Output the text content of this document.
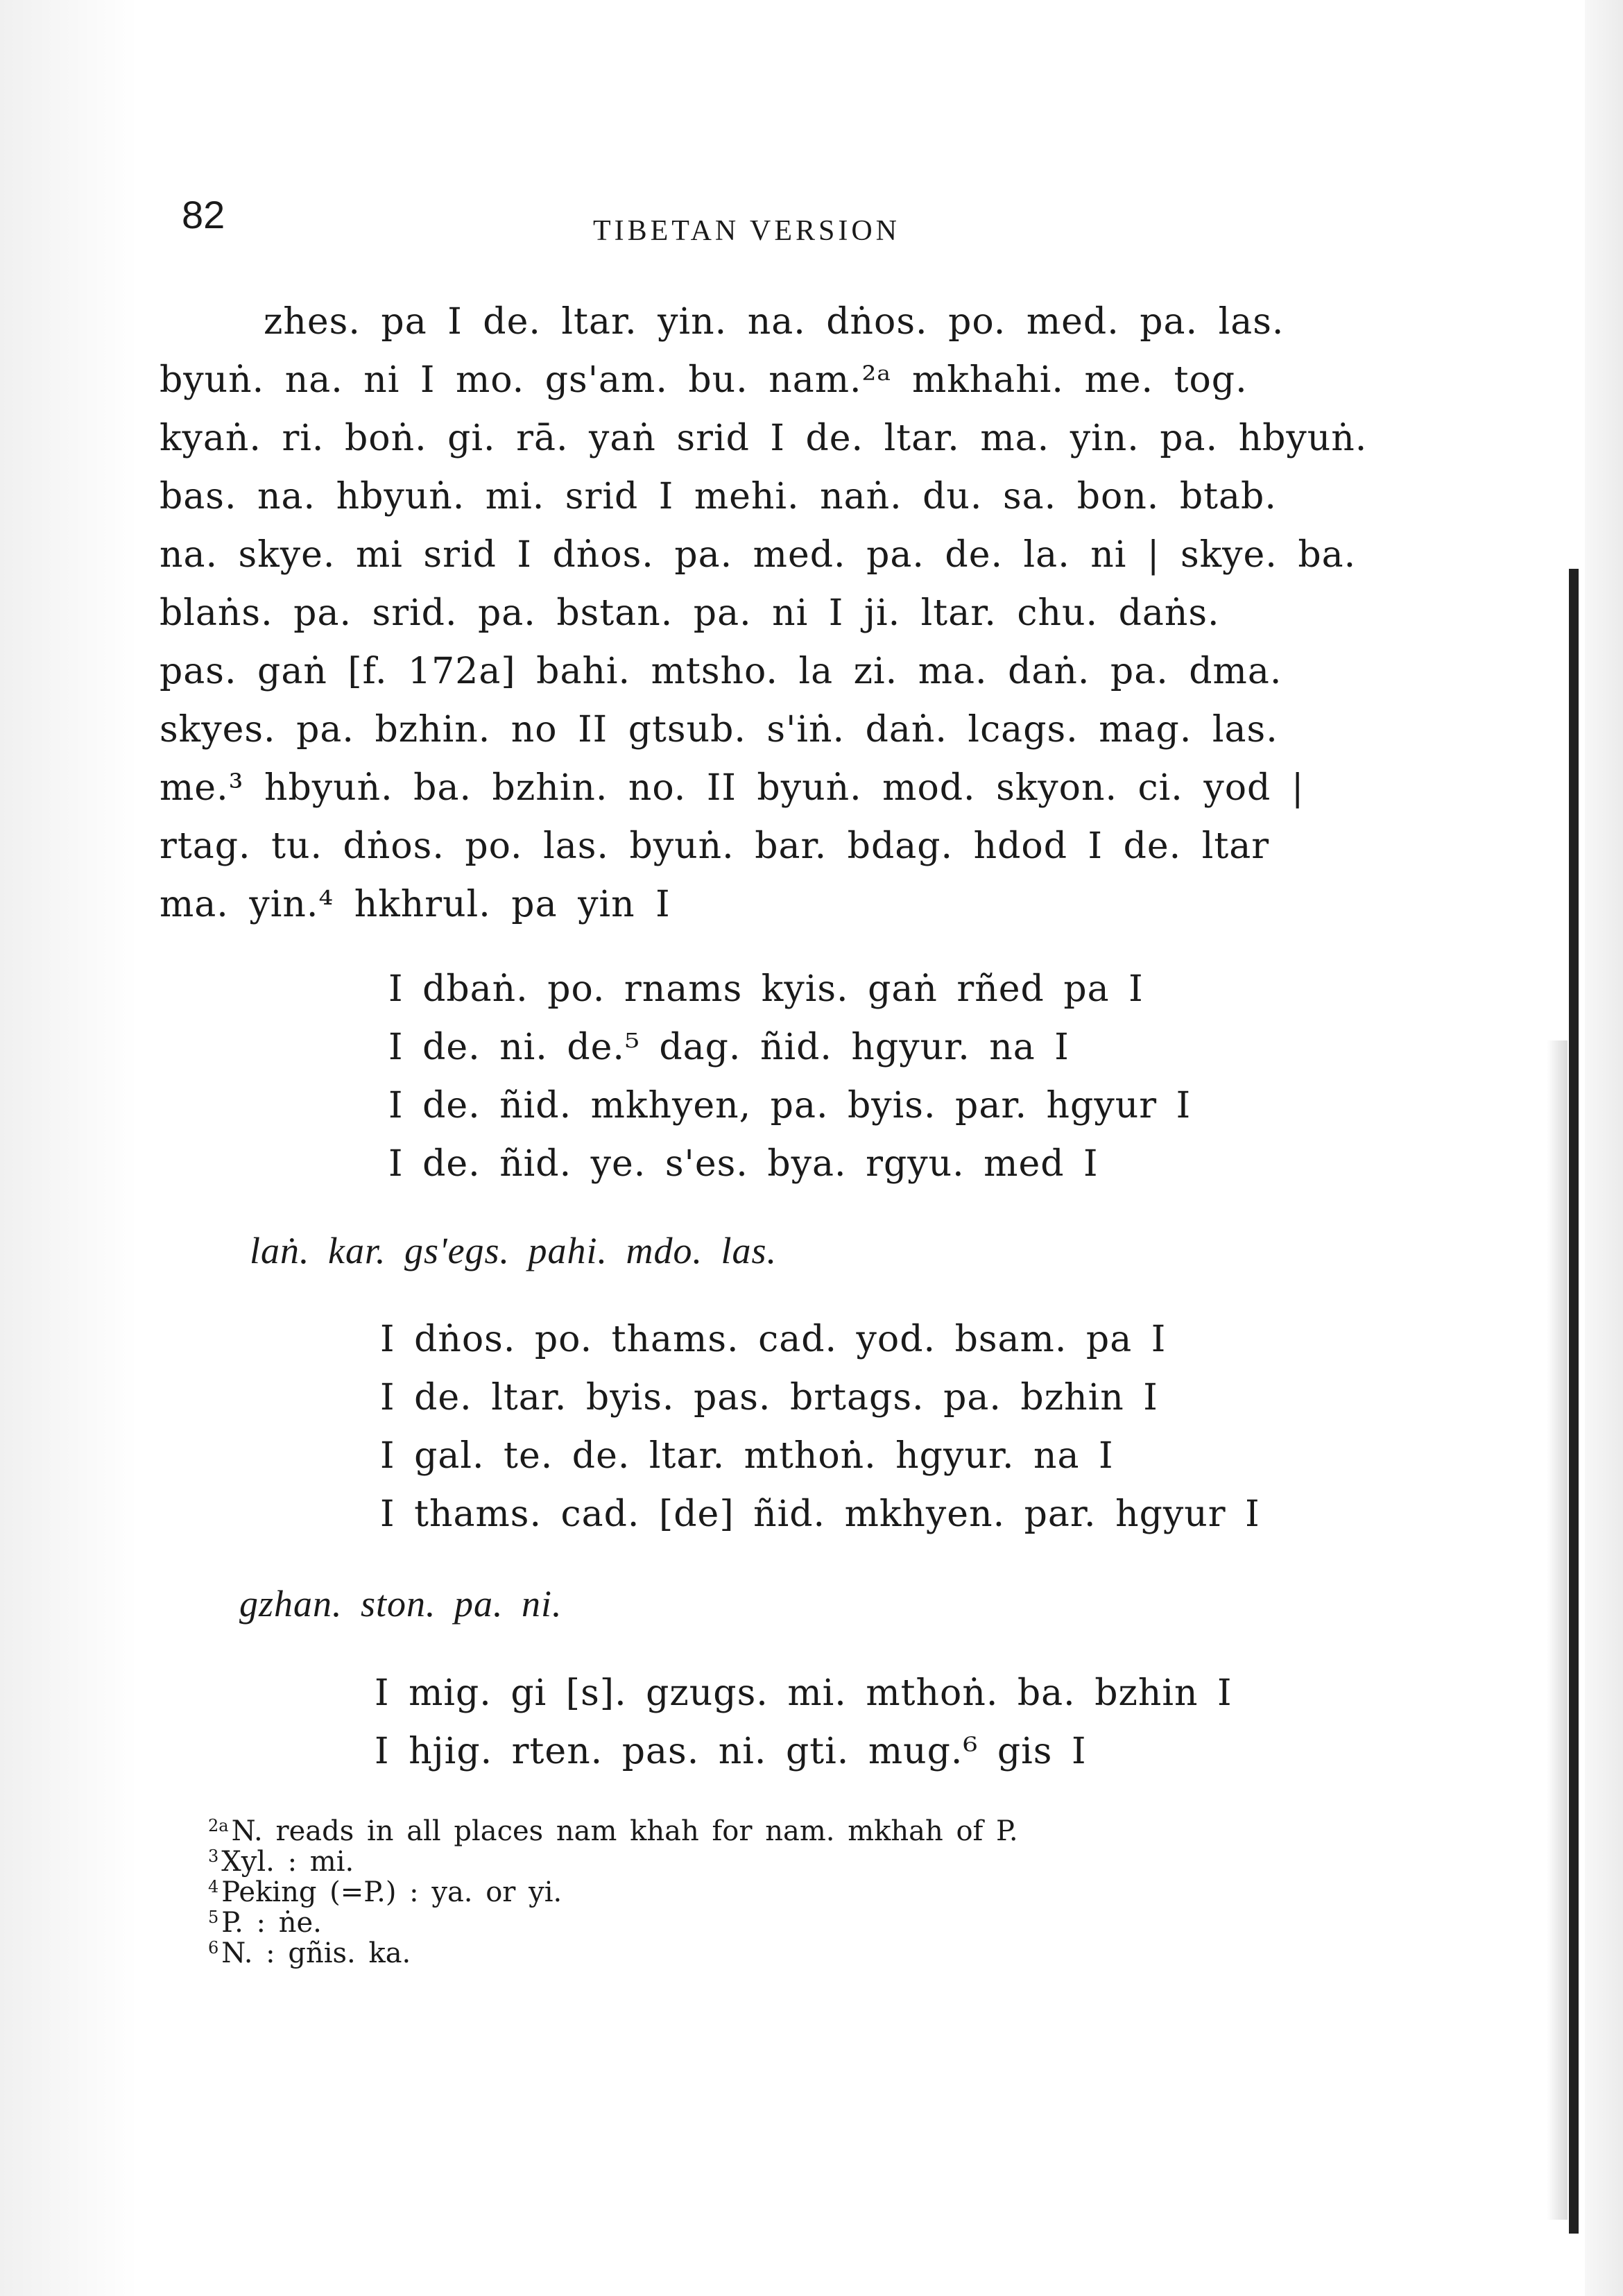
82	TIBETAN VERSION
zhes. pa I de. ltar. yin. na. dṅos. po. med. pa. las.
byuṅ. na. ni I mo. gs'am. bu. nam.²ᵃ mkhahi. me. tog.
kyaṅ. ri. boṅ. gi. rā. yaṅ srid I de. ltar. ma. yin. pa. hbyuṅ.
bas. na. hbyuṅ. mi. srid I mehi. naṅ. du. sa. bon. btab.
na. skye. mi srid I dṅos. pa. med. pa. de. la. ni | skye. ba.
blaṅs. pa. srid. pa. bstan. pa. ni I ji. ltar. chu. daṅs.
pas. gaṅ [f. 172a] bahi. mtsho. la zi. ma. daṅ. pa. dma.
skyes. pa. bzhin. no II gtsub. s'iṅ. daṅ. lcags. mag. las.
me.³ hbyuṅ. ba. bzhin. no. II byuṅ. mod. skyon. ci. yod |
rtag. tu. dṅos. po. las. byuṅ. bar. bdag. hdod I de. ltar
ma. yin.⁴ hkhrul. pa yin I
I dbaṅ. po. rnams kyis. gaṅ rñed pa I
I de. ni. de.⁵ dag. ñid. hgyur. na I
I de. ñid. mkhyen, pa. byis. par. hgyur I
I de. ñid. ye. s'es. bya. rgyu. med I
laṅ. kar. gs'egs. pahi. mdo. las.
I dṅos. po. thams. cad. yod. bsam. pa I
I de. ltar. byis. pas. brtags. pa. bzhin I
I gal. te. de. ltar. mthoṅ. hgyur. na I
I thams. cad. [de] ñid. mkhyen. par. hgyur I
gzhan. ston. pa. ni.
I mig. gi [s]. gzugs. mi. mthoṅ. ba. bzhin I
I hjig. rten. pas. ni. gti. mug.⁶ gis I
$^{2a}$ N. reads in all places nam khah for nam. mkhah of P.
$^3$ Xyl. : mi.
$^4$ Peking (=P.) : ya. or yi.
$^5$ P. : ṅe.
$^6$ N. : gñis. ka.
